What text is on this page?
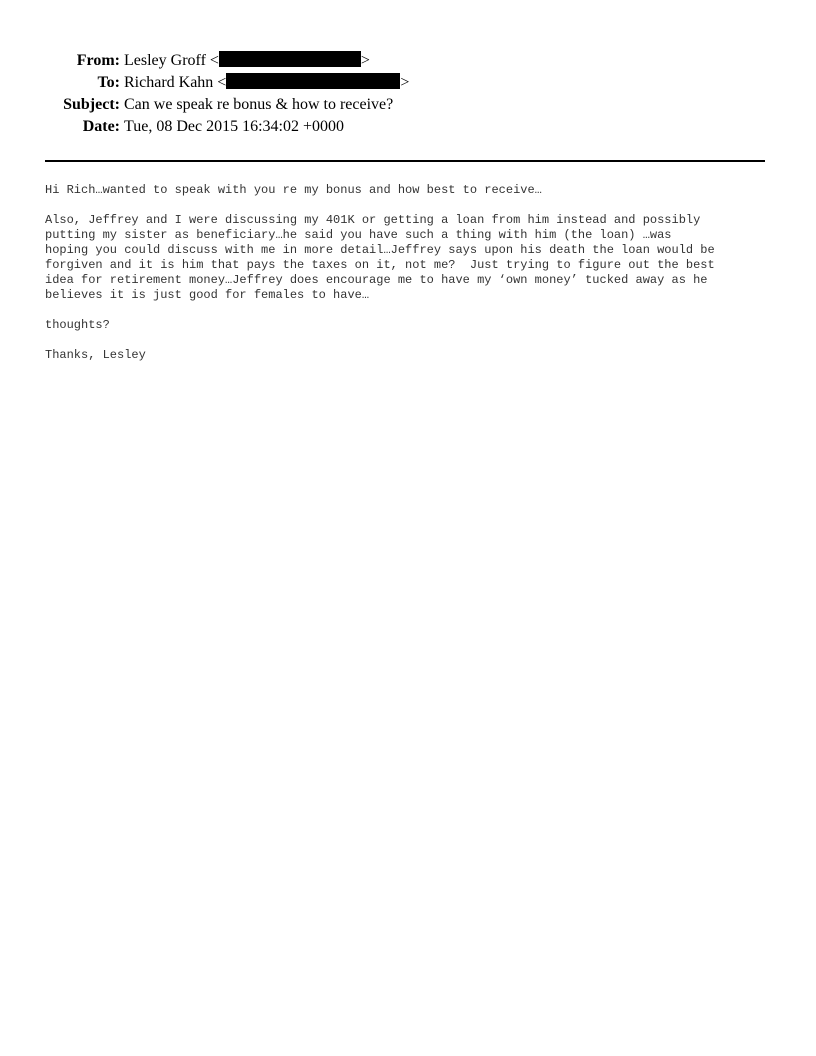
From: Lesley Groff <	>
To: Richard Kahn <	>
Subject: Can we speak re bonus & how to receive?
Date: Tue, 08 Dec 2015 16:34:02 +0000

Hi Rich…wanted to speak with you re my bonus and how best to receive…

Also, Jeffrey and I were discussing my 401K or getting a loan from him instead and possibly
putting my sister as beneficiary…he said you have such a thing with him (the loan) …was
hoping you could discuss with me in more detail…Jeffrey says upon his death the loan would be
forgiven and it is him that pays the taxes on it, not me?  Just trying to figure out the best
idea for retirement money…Jeffrey does encourage me to have my ‘own money’ tucked away as he
believes it is just good for females to have…

thoughts?

Thanks, Lesley
